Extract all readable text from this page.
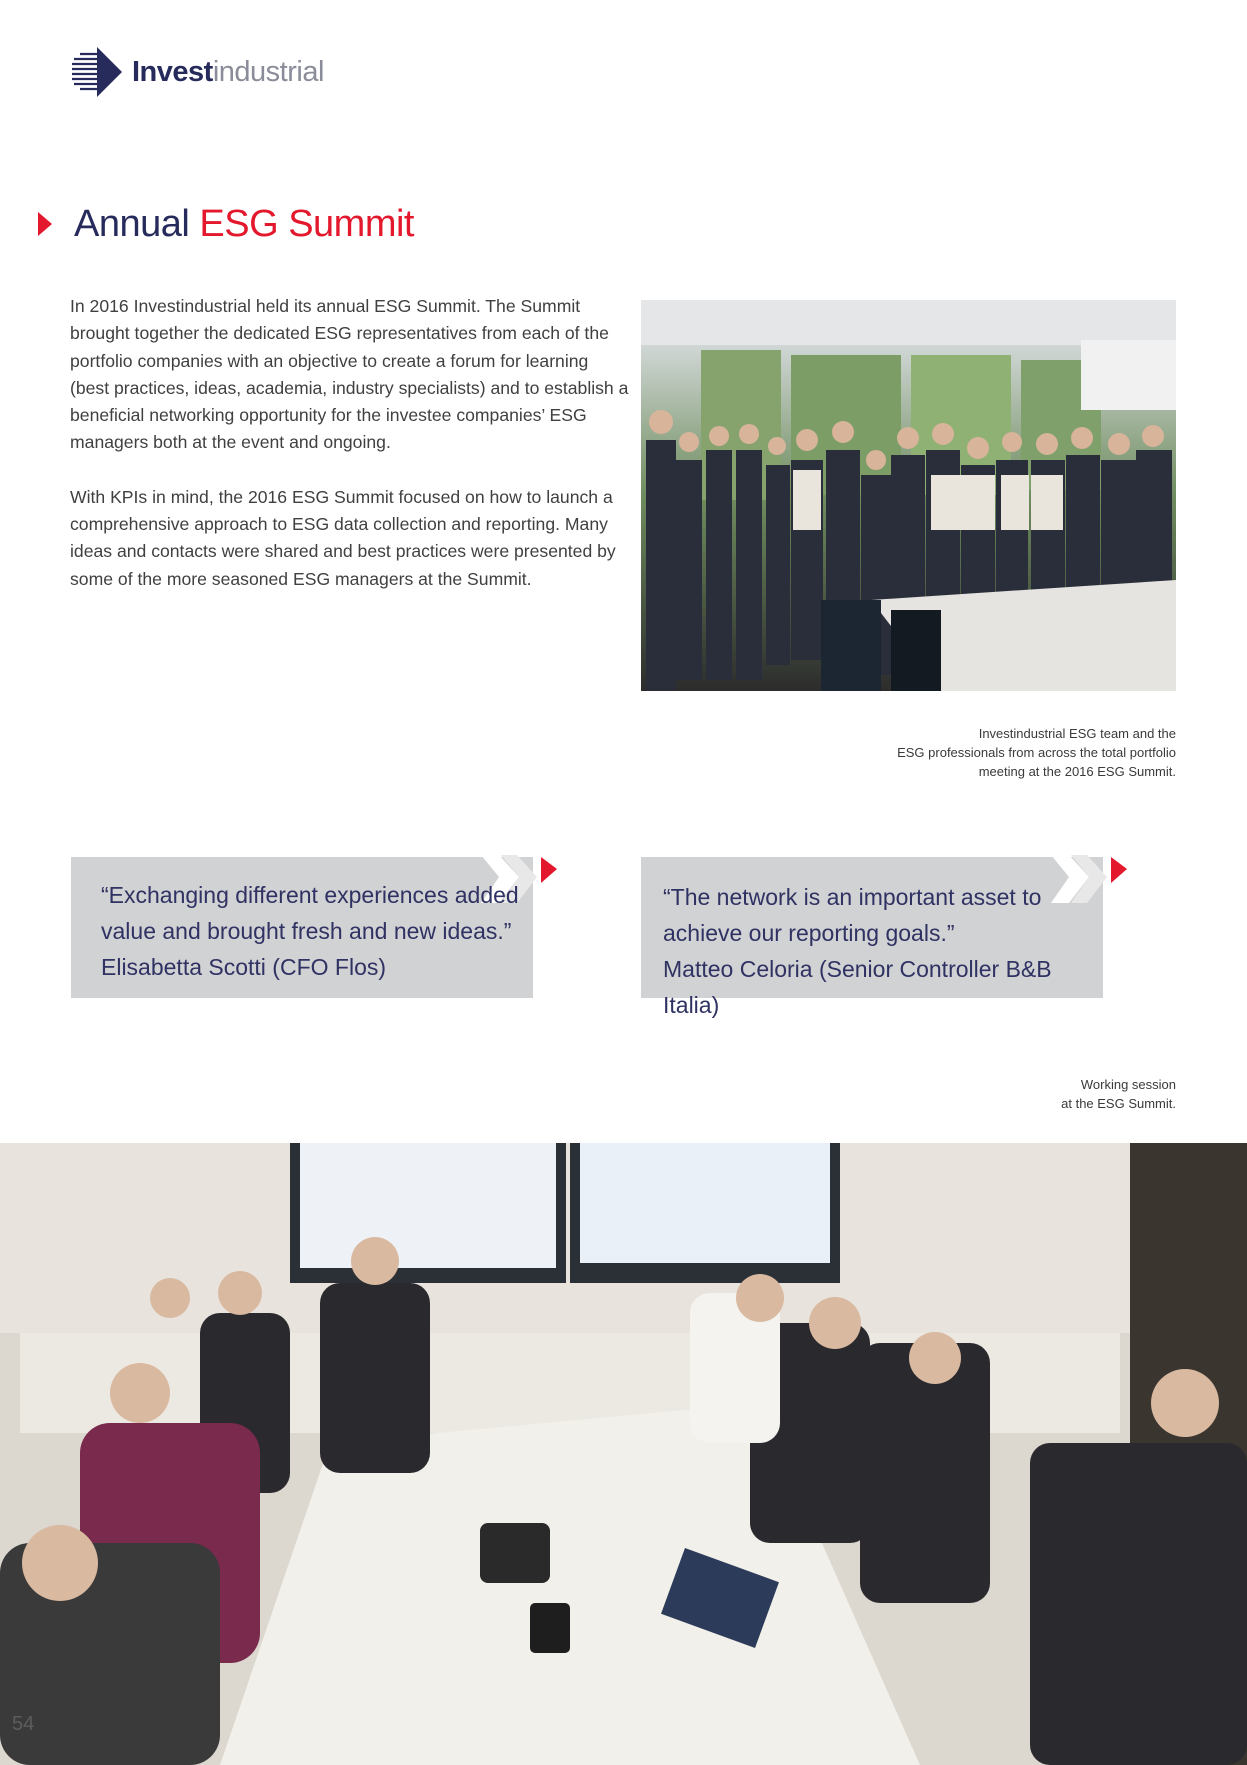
Investindustrial
Annual ESG Summit

In 2016 Investindustrial held its annual ESG Summit. The Summit brought together the dedicated ESG representatives from each of the portfolio companies with an objective to create a forum for learning (best practices, ideas, academia, industry specialists) and to establish a beneficial networking opportunity for the investee companies’ ESG managers both at the event and ongoing.

With KPIs in mind, the 2016 ESG Summit focused on how to launch a comprehensive approach to ESG data collection and reporting. Many ideas and contacts were shared and best practices were presented by some of the more seasoned ESG managers at the Summit.

Investindustrial ESG team and the
ESG professionals from across the total portfolio
meeting at the 2016 ESG Summit.
“Exchanging different experiences added
value and brought fresh and new ideas.”
Elisabetta Scotti (CFO Flos)
“The network is an important asset to
achieve our reporting goals.”
Matteo Celoria (Senior Controller B&B Italia)
Working session
at the ESG Summit.
54
